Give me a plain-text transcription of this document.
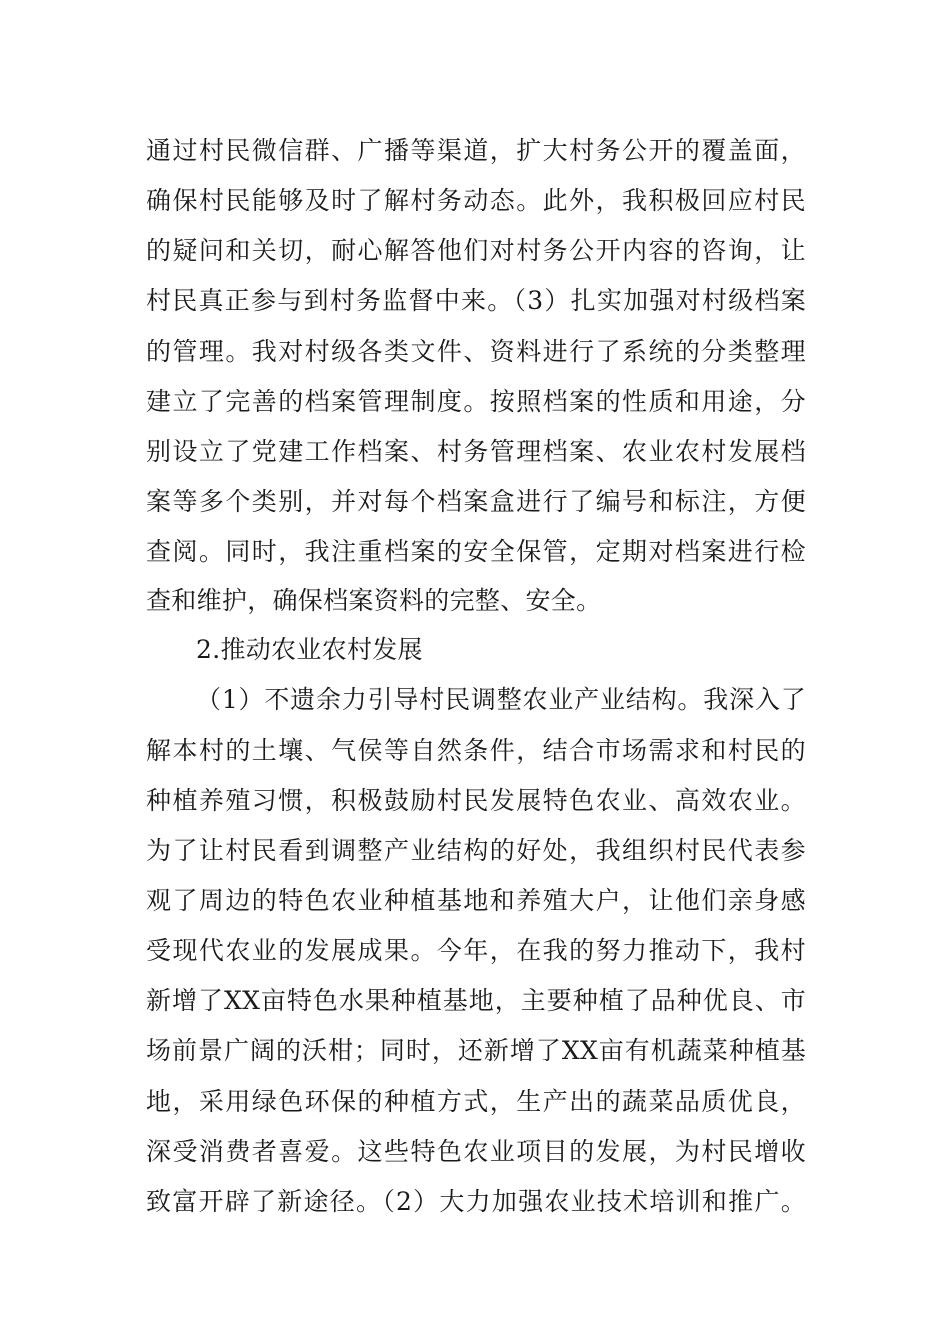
通过村民微信群、广播等渠道，扩大村务公开的覆盖面，
确保村民能够及时了解村务动态。此外，我积极回应村民
的疑问和关切，耐心解答他们对村务公开内容的咨询，让
村民真正参与到村务监督中来。（3）扎实加强对村级档案
的管理。我对村级各类文件、资料进行了系统的分类整理
建立了完善的档案管理制度。按照档案的性质和用途，分
别设立了党建工作档案、村务管理档案、农业农村发展档
案等多个类别，并对每个档案盒进行了编号和标注，方便
查阅。同时，我注重档案的安全保管，定期对档案进行检
查和维护，确保档案资料的完整、安全。
2.推动农业农村发展
（1）不遗余力引导村民调整农业产业结构。我深入了
解本村的土壤、气侯等自然条件，结合市场需求和村民的
种植养殖习惯，积极鼓励村民发展特色农业、高效农业。
为了让村民看到调整产业结构的好处，我组织村民代表参
观了周边的特色农业种植基地和养殖大户，让他们亲身感
受现代农业的发展成果。今年，在我的努力推动下，我村
新增了XX亩特色水果种植基地，主要种植了品种优良、市
场前景广阔的沃柑；同时，还新增了XX亩有机蔬菜种植基
地，采用绿色环保的种植方式，生产出的蔬菜品质优良，
深受消费者喜爱。这些特色农业项目的发展，为村民增收
致富开辟了新途径。（2）大力加强农业技术培训和推广。
